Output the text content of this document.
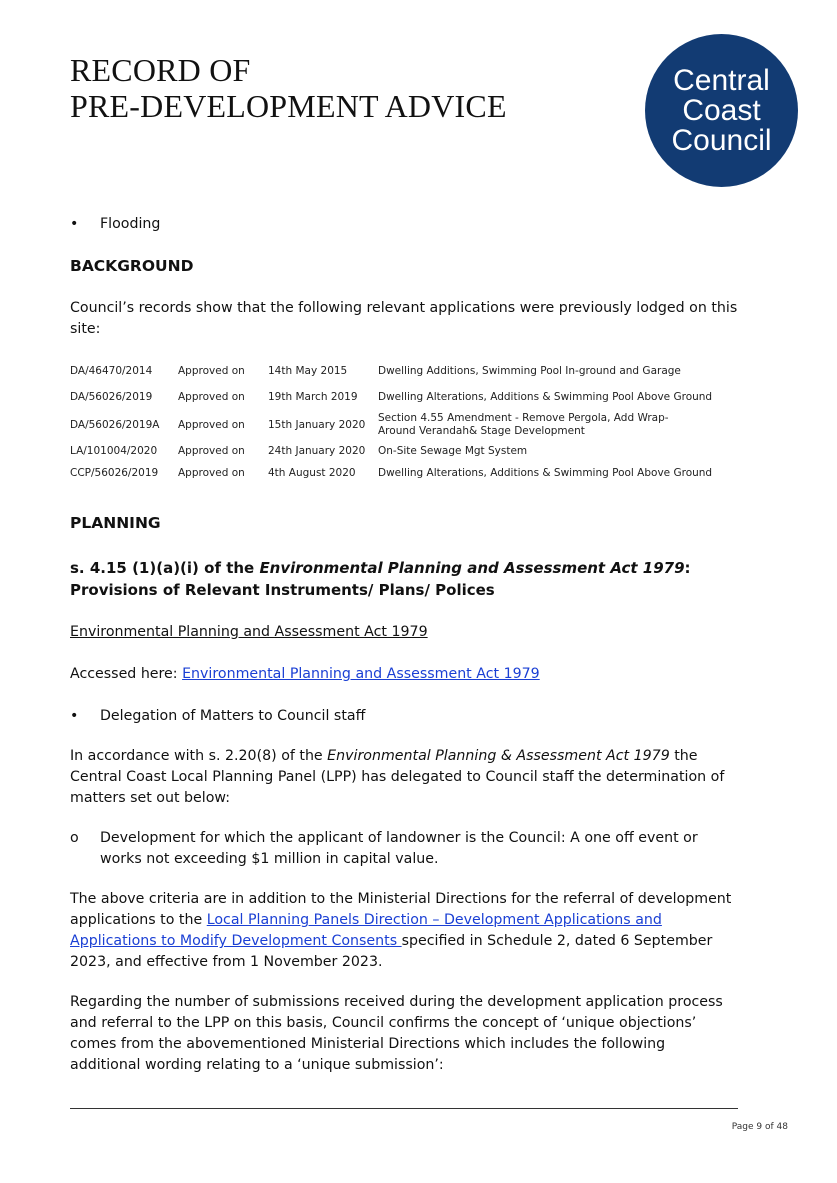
RECORD OF
PRE-DEVELOPMENT ADVICE
Central
Coast
Council

• Flooding

BACKGROUND

Council’s records show that the following relevant applications were previously lodged on this site:

DA/46470/2014	Approved on	14th May 2015	Dwelling Additions, Swimming Pool In-ground and Garage
DA/56026/2019	Approved on	19th March 2019	Dwelling Alterations, Additions & Swimming Pool Above Ground
DA/56026/2019A	Approved on	15th January 2020	Section 4.55 Amendment - Remove Pergola, Add Wrap-Around Verandah& Stage Development
LA/101004/2020	Approved on	24th January 2020	On-Site Sewage Mgt System
CCP/56026/2019	Approved on	4th August 2020	Dwelling Alterations, Additions & Swimming Pool Above Ground
PLANNING
s. 4.15 (1)(a)(i) of the Environmental Planning and Assessment Act 1979: Provisions of Relevant Instruments/ Plans/ Polices

Environmental Planning and Assessment Act 1979

Accessed here: Environmental Planning and Assessment Act 1979

• Delegation of Matters to Council staff

In accordance with s. 2.20(8) of the Environmental Planning & Assessment Act 1979 the Central Coast Local Planning Panel (LPP) has delegated to Council staff the determination of matters set out below:

o Development for which the applicant of landowner is the Council: A one off event or works not exceeding $1 million in capital value.

The above criteria are in addition to the Ministerial Directions for the referral of development applications to the Local Planning Panels Direction – Development Applications and Applications to Modify Development Consents specified in Schedule 2, dated 6 September 2023, and effective from 1 November 2023.

Regarding the number of submissions received during the development application process and referral to the LPP on this basis, Council confirms the concept of ‘unique objections’ comes from the abovementioned Ministerial Directions which includes the following additional wording relating to a ‘unique submission’:

Page 9 of 48
